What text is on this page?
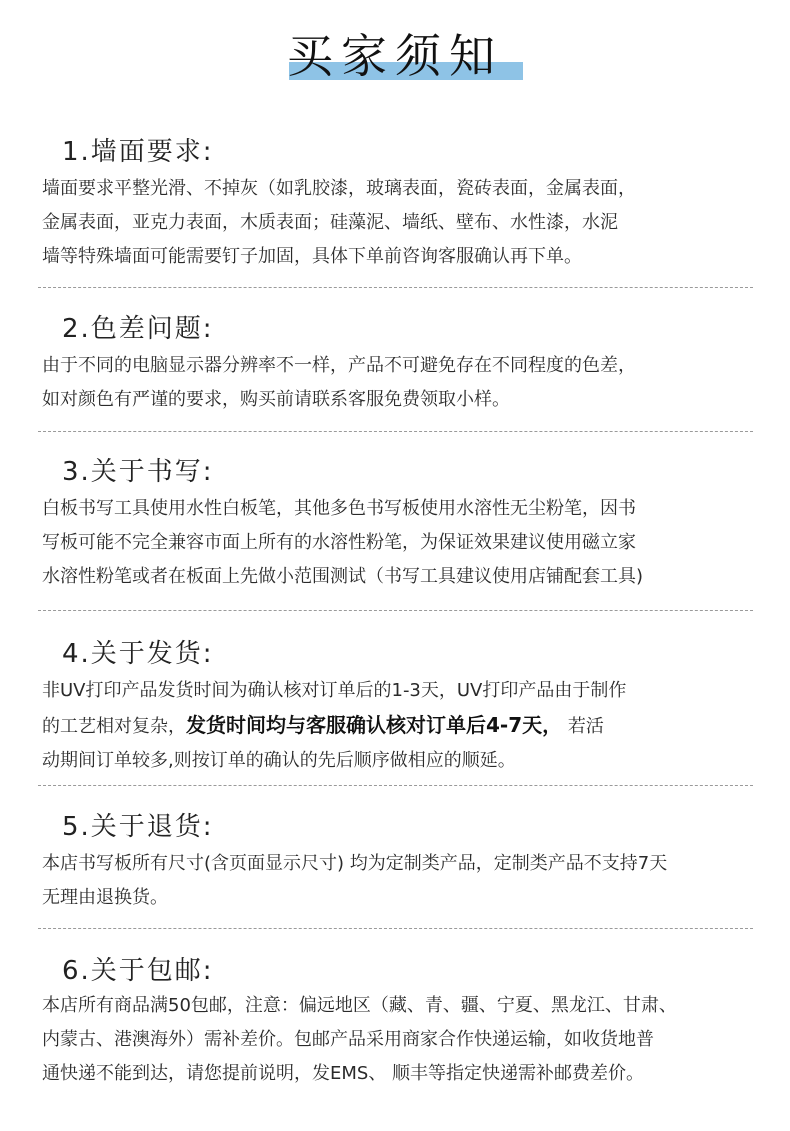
买家须知
1.墙面要求:

墙面要求平整光滑、不掉灰（如乳胶漆，玻璃表面，瓷砖表面，金属表面，

金属表面，亚克力表面，木质表面；硅藻泥、墙纸、壁布、水性漆，水泥

墙等特殊墙面可能需要钉子加固，具体下单前咨询客服确认再下单。

2.色差问题:

由于不同的电脑显示器分辨率不一样，产品不可避免存在不同程度的色差，

如对颜色有严谨的要求，购买前请联系客服免费领取小样。

3.关于书写:

白板书写工具使用水性白板笔，其他多色书写板使用水溶性无尘粉笔，因书

写板可能不完全兼容市面上所有的水溶性粉笔，为保证效果建议使用磁立家

水溶性粉笔或者在板面上先做小范围测试（书写工具建议使用店铺配套工具)

4.关于发货:

非UV打印产品发货时间为确认核对订单后的1-3天，UV打印产品由于制作

的工艺相对复杂，发货时间均与客服确认核对订单后4-7天， 若活

动期间订单较多,则按订单的确认的先后顺序做相应的顺延。

5.关于退货:

本店书写板所有尺寸(含页面显示尺寸) 均为定制类产品，定制类产品不支持7天

无理由退换货。

6.关于包邮:

本店所有商品满50包邮，注意：偏远地区（藏、青、疆、宁夏、黑龙江、甘肃、

内蒙古、港澳海外）需补差价。包邮产品采用商家合作快递运输，如收货地普

通快递不能到达，请您提前说明，发EMS、 顺丰等指定快递需补邮费差价。
